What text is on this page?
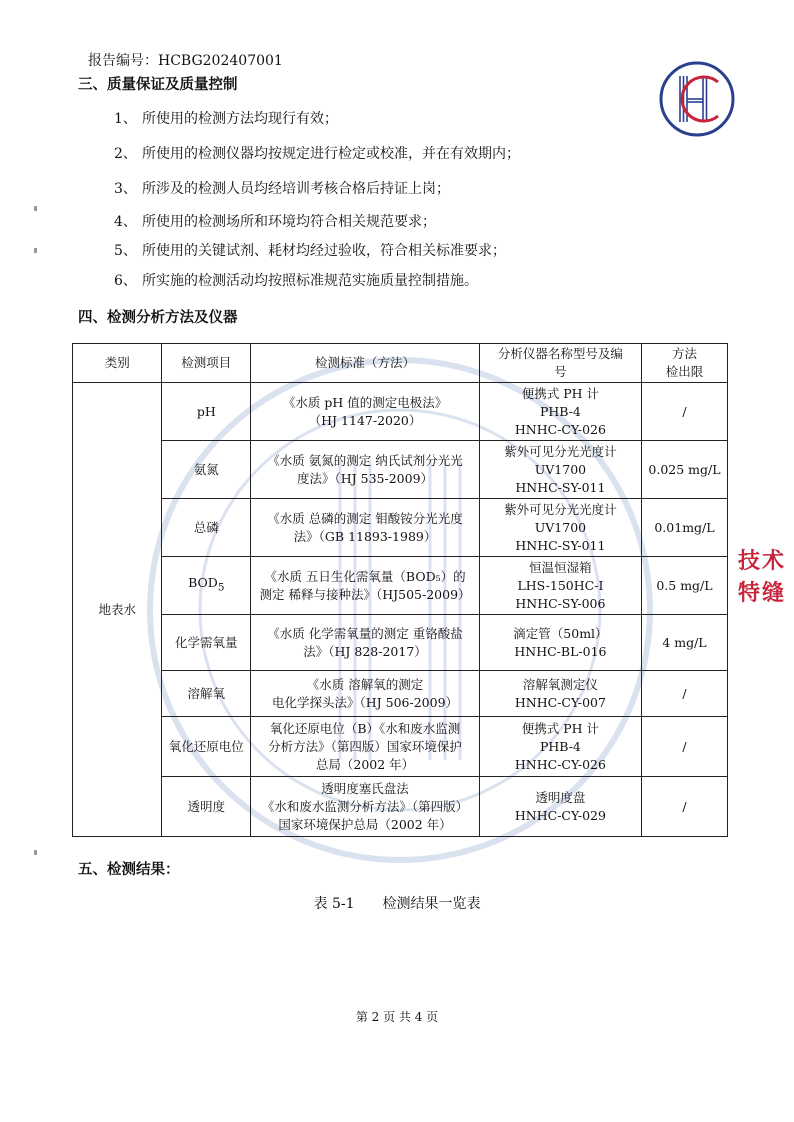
报告编号：HCBG202407001
三、质量保证及质量控制
1、 所使用的检测方法均现行有效；
2、 所使用的检测仪器均按规定进行检定或校准，并在有效期内；
3、 所涉及的检测人员均经培训考核合格后持证上岗；
4、 所使用的检测场所和环境均符合相关规范要求；
5、 所使用的关键试剂、耗材均经过验收，符合相关标准要求；
6、 所实施的检测活动均按照标准规范实施质量控制措施。
四、检测分析方法及仪器
类别	检测项目	检测标准（方法）	分析仪器名称型号及编
号	方法
检出限

地表水	pH	《水质 pH 值的测定电极法》
（HJ 1147-2020）	便携式 PH 计
PHB-4
HNHC-CY-026	/
	氨氮	《水质 氨氮的测定 纳氏试剂分光光
度法》（HJ 535-2009）	紫外可见分光光度计
UV1700
HNHC-SY-011	0.025 mg/L
	总磷	《水质 总磷的测定 钼酸铵分光光度
法》（GB 11893-1989）	紫外可见分光光度计
UV1700
HNHC-SY-011	0.01mg/L
	$BOD_5$	《水质 五日生化需氧量（BOD₅）的
测定 稀释与接种法》（HJ505-2009）	恒温恒湿箱
LHS-150HC-I
HNHC-SY-006	0.5 mg/L
	化学需氧量	《水质 化学需氧量的测定 重铬酸盐
法》（HJ 828-2017）	滴定管（50ml）
HNHC-BL-016	4 mg/L
	溶解氧	《水质 溶解氧的测定
电化学探头法》（HJ 506-2009）	溶解氧测定仪
HNHC-CY-007	/
	氧化还原电位	氧化还原电位（B）《水和废水监测
分析方法》（第四版）国家环境保护
总局（2002 年）	便携式 PH 计
PHB-4
HNHC-CY-026	/
	透明度	透明度塞氏盘法
《水和废水监测分析方法》（第四版）
国家环境保护总局（2002 年）	透明度盘
HNHC-CY-029	/
技术
特缝
五、检测结果：
表 5-1 检测结果一览表
第 2 页 共 4 页
